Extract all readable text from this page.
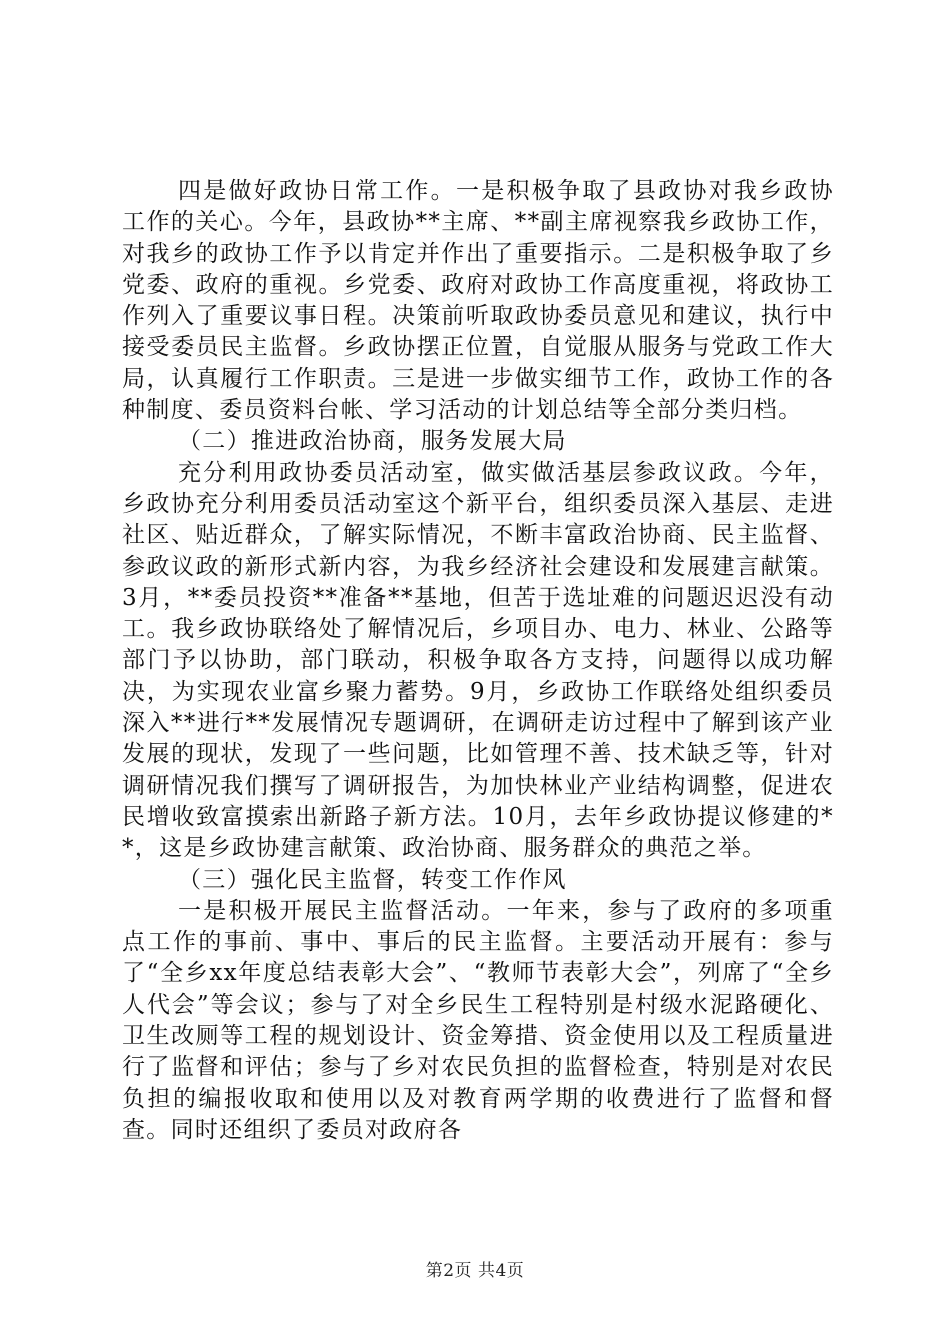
四是做好政协日常工作。一是积极争取了县政协对我乡政协工作的关心。今年，县政协**主席、**副主席视察我乡政协工作，对我乡的政协工作予以肯定并作出了重要指示。二是积极争取了乡党委、政府的重视。乡党委、政府对政协工作高度重视，将政协工作列入了重要议事日程。决策前听取政协委员意见和建议，执行中接受委员民主监督。乡政协摆正位置，自觉服从服务与党政工作大局，认真履行工作职责。三是进一步做实细节工作，政协工作的各种制度、委员资料台帐、学习活动的计划总结等全部分类归档。

（二）推进政治协商，服务发展大局

充分利用政协委员活动室，做实做活基层参政议政。今年，乡政协充分利用委员活动室这个新平台，组织委员深入基层、走进社区、贴近群众，了解实际情况，不断丰富政治协商、民主监督、参政议政的新形式新内容，为我乡经济社会建设和发展建言献策。3月，**委员投资**准备**基地，但苦于选址难的问题迟迟没有动工。我乡政协联络处了解情况后，乡项目办、电力、林业、公路等部门予以协助，部门联动，积极争取各方支持，问题得以成功解决，为实现农业富乡聚力蓄势。9月，乡政协工作联络处组织委员深入**进行**发展情况专题调研，在调研走访过程中了解到该产业发展的现状，发现了一些问题，比如管理不善、技术缺乏等，针对调研情况我们撰写了调研报告，为加快林业产业结构调整，促进农民增收致富摸索出新路子新方法。10月，去年乡政协提议修建的**，这是乡政协建言献策、政治协商、服务群众的典范之举。

（三）强化民主监督，转变工作作风

一是积极开展民主监督活动。一年来，参与了政府的多项重点工作的事前、事中、事后的民主监督。主要活动开展有：参与了“全乡xx年度总结表彰大会”、“教师节表彰大会”，列席了“全乡人代会”等会议；参与了对全乡民生工程特别是村级水泥路硬化、卫生改厕等工程的规划设计、资金筹措、资金使用以及工程质量进行了监督和评估；参与了乡对农民负担的监督检查，特别是对农民负担的编报收取和使用以及对教育两学期的收费进行了监督和督查。同时还组织了委员对政府各

第2页 共4页
